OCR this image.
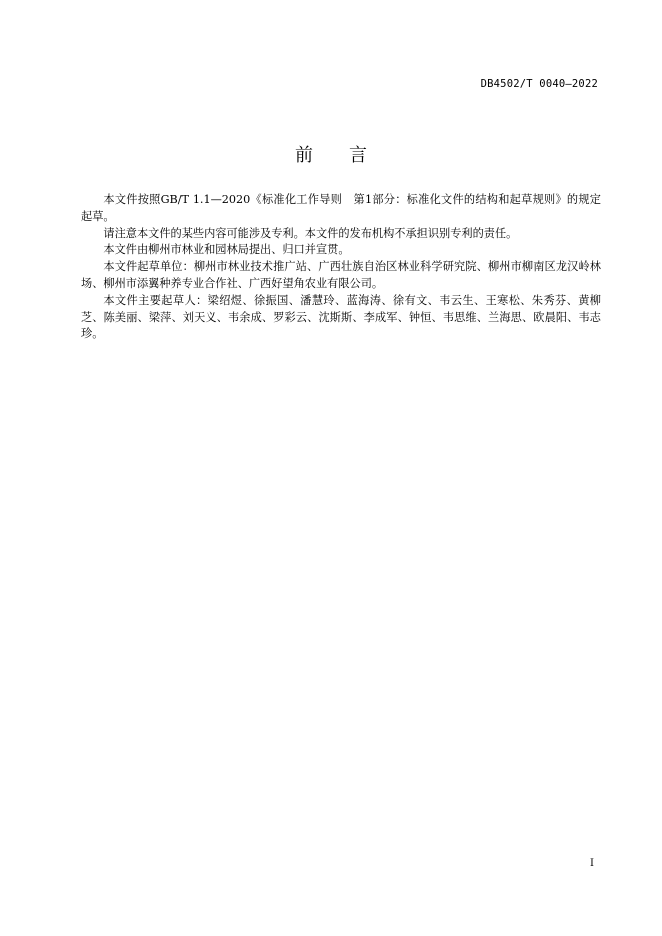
DB4502/T 0040—2022
前 言

本文件按照GB/T 1.1—2020《标准化工作导则　第1部分：标准化文件的结构和起草规则》的规定起草。

请注意本文件的某些内容可能涉及专利。本文件的发布机构不承担识别专利的责任。

本文件由柳州市林业和园林局提出、归口并宣贯。

本文件起草单位：柳州市林业技术推广站、广西壮族自治区林业科学研究院、柳州市柳南区龙汉岭林场、柳州市添翼种养专业合作社、广西好望角农业有限公司。

本文件主要起草人：梁绍煜、徐振国、潘慧玲、蓝海涛、徐有文、韦云生、王寒松、朱秀芬、黄柳芝、陈美丽、梁萍、刘天义、韦余成、罗彩云、沈斯斯、李成军、钟恒、韦思维、兰海思、欧晨阳、韦志珍。

I
